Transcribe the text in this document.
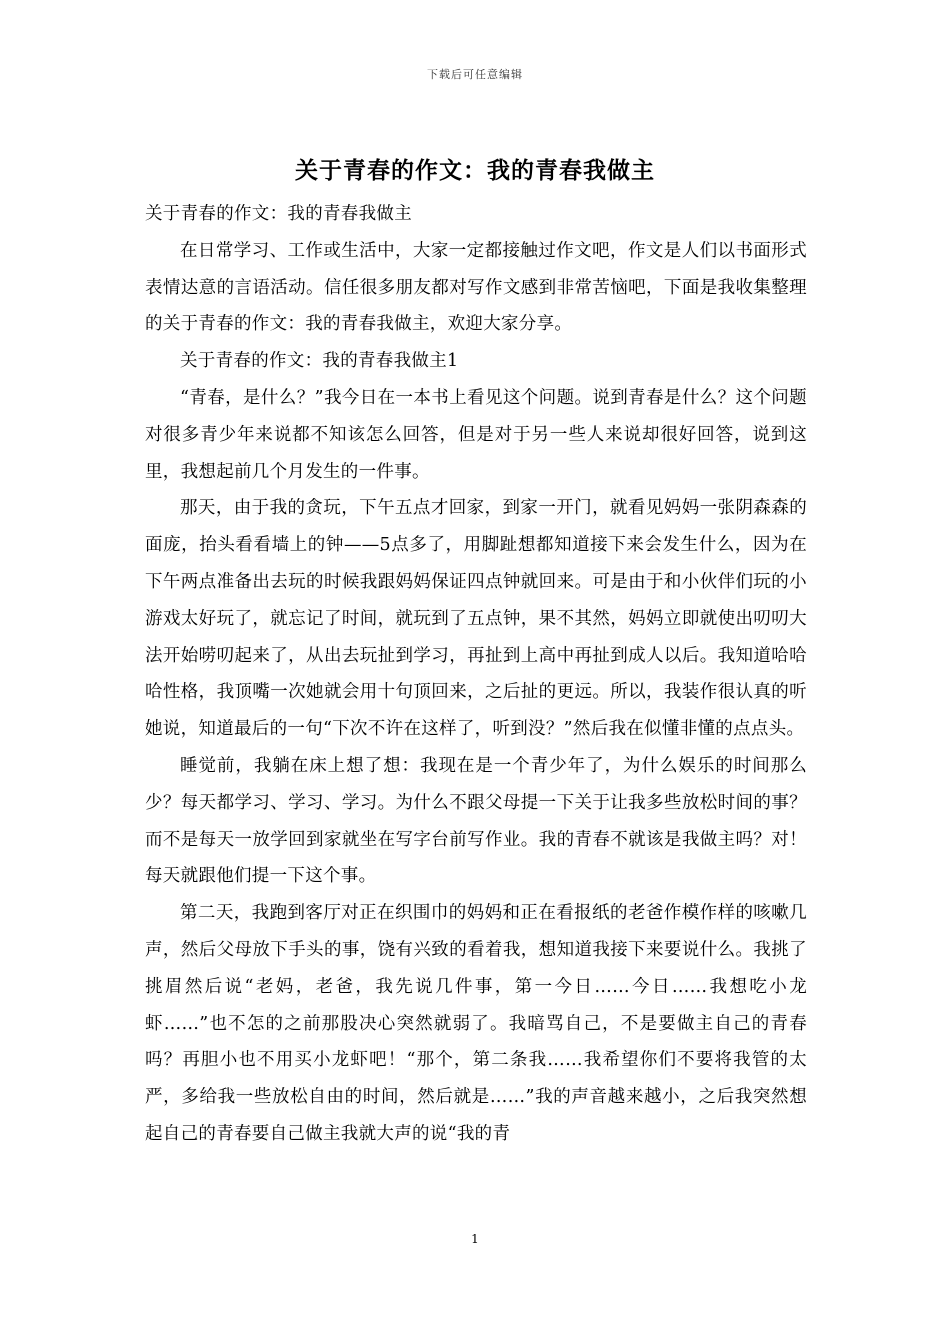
下载后可任意编辑
关于青春的作文：我的青春我做主

关于青春的作文：我的青春我做主

在日常学习、工作或生活中，大家一定都接触过作文吧，作文是人们以书面形式表情达意的言语活动。信任很多朋友都对写作文感到非常苦恼吧，下面是我收集整理的关于青春的作文：我的青春我做主，欢迎大家分享。

关于青春的作文：我的青春我做主1

“青春，是什么？”我今日在一本书上看见这个问题。说到青春是什么？这个问题对很多青少年来说都不知该怎么回答，但是对于另一些人来说却很好回答，说到这里，我想起前几个月发生的一件事。

那天，由于我的贪玩，下午五点才回家，到家一开门，就看见妈妈一张阴森森的面庞，抬头看看墙上的钟——5点多了，用脚趾想都知道接下来会发生什么，因为在下午两点准备出去玩的时候我跟妈妈保证四点钟就回来。可是由于和小伙伴们玩的小游戏太好玩了，就忘记了时间，就玩到了五点钟，果不其然，妈妈立即就使出叨叨大法开始唠叨起来了，从出去玩扯到学习，再扯到上高中再扯到成人以后。我知道哈哈哈性格，我顶嘴一次她就会用十句顶回来，之后扯的更远。所以，我装作很认真的听她说，知道最后的一句“下次不许在这样了，听到没？”然后我在似懂非懂的点点头。

睡觉前，我躺在床上想了想：我现在是一个青少年了，为什么娱乐的时间那么少？每天都学习、学习、学习。为什么不跟父母提一下关于让我多些放松时间的事？而不是每天一放学回到家就坐在写字台前写作业。我的青春不就该是我做主吗？对！每天就跟他们提一下这个事。

第二天，我跑到客厅对正在织围巾的妈妈和正在看报纸的老爸作模作样的咳嗽几声，然后父母放下手头的事，饶有兴致的看着我，想知道我接下来要说什么。我挑了挑眉然后说“老妈，老爸，我先说几件事，第一今日……今日……我想吃小龙虾……”也不怎的之前那股决心突然就弱了。我暗骂自己，不是要做主自己的青春吗？再胆小也不用买小龙虾吧！“那个，第二条我……我希望你们不要将我管的太严，多给我一些放松自由的时间，然后就是……”我的声音越来越小，之后我突然想起自己的青春要自己做主我就大声的说“我的青

1
